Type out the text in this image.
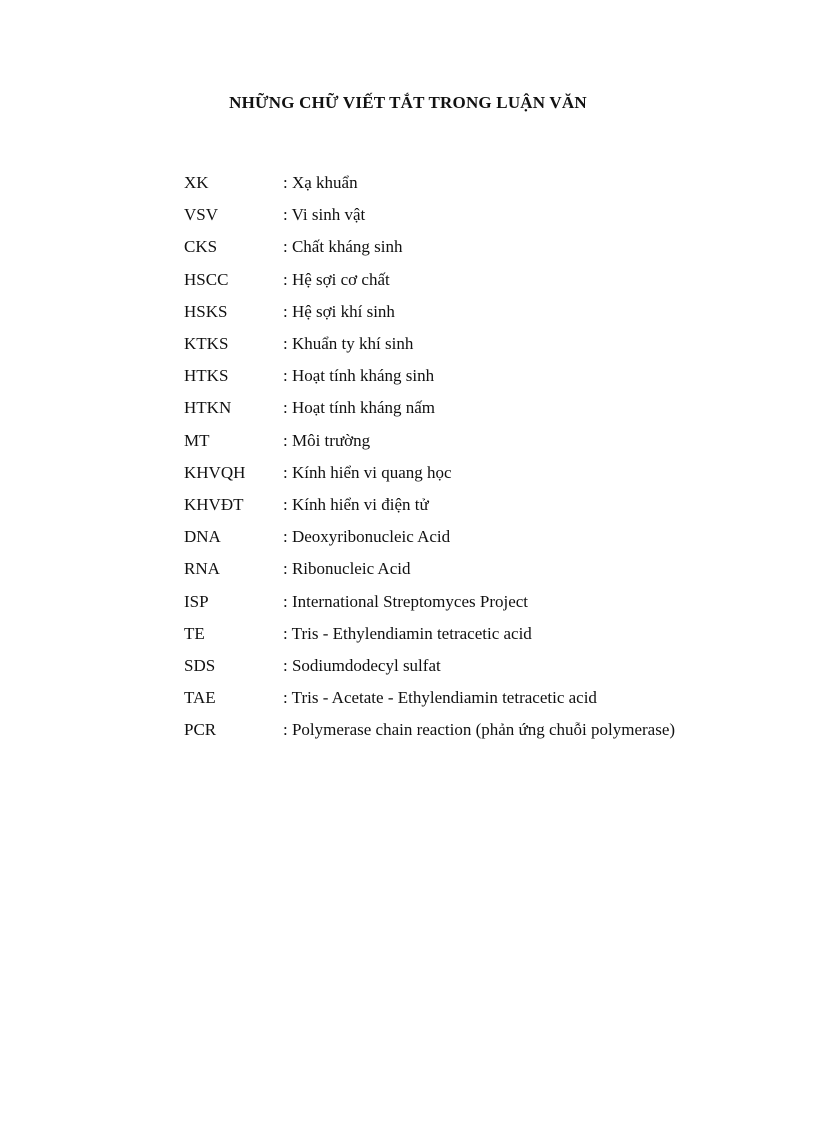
NHỮNG CHỮ VIẾT TẮT TRONG LUẬN VĂN
XK	: Xạ khuẩn
VSV	: Vi sinh vật
CKS	: Chất kháng sinh
HSCC	: Hệ sợi cơ chất
HSKS	: Hệ sợi khí sinh
KTKS	: Khuẩn ty khí sinh
HTKS	: Hoạt tính kháng sinh
HTKN	: Hoạt tính kháng nấm
MT	: Môi trường
KHVQH	: Kính hiển vi quang học
KHVĐT	: Kính hiển vi điện tử
DNA	: Deoxyribonucleic Acid
RNA	: Ribonucleic Acid
ISP	: International Streptomyces Project
TE	: Tris - Ethylendiamin tetracetic acid
SDS	: Sodiumdodecyl sulfat
TAE	: Tris - Acetate - Ethylendiamin tetracetic acid
PCR	: Polymerase chain reaction (phản ứng chuỗi polymerase)
